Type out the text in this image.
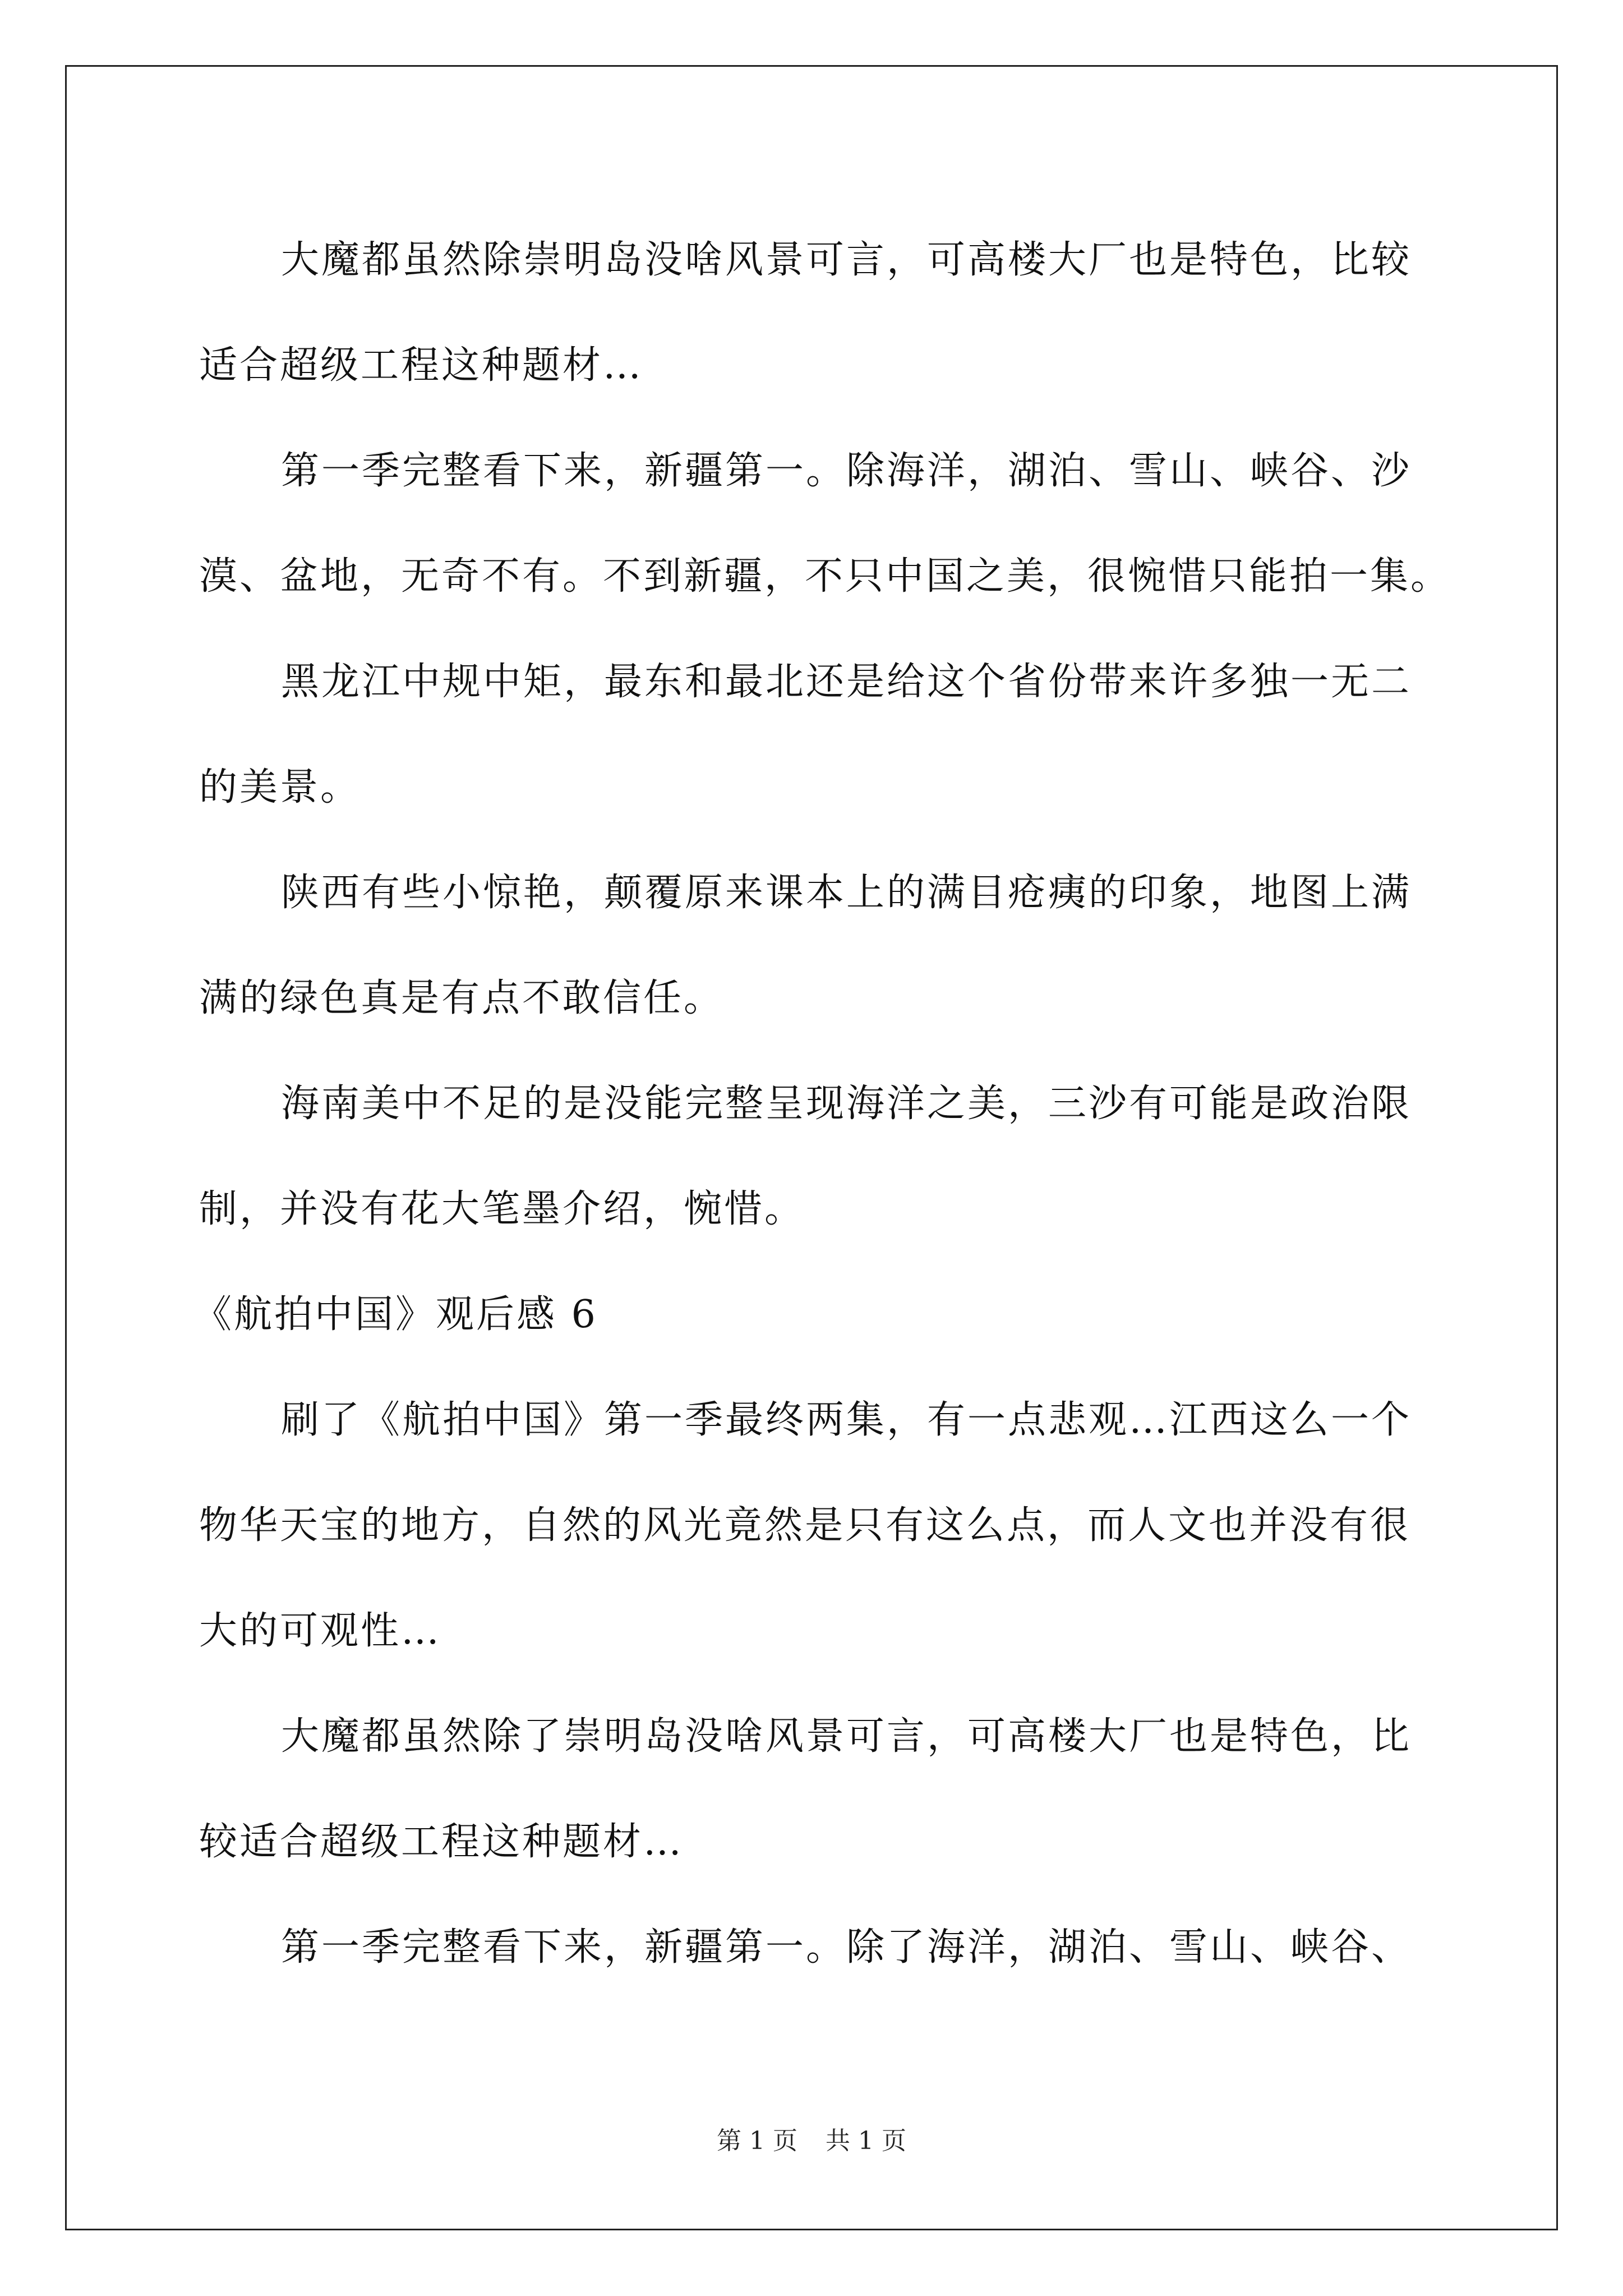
大魔都虽然除崇明岛没啥风景可言，可高楼大厂也是特色，比较
适合超级工程这种题材…
第一季完整看下来，新疆第一。除海洋，湖泊、雪山、峡谷、沙
漠、盆地，无奇不有。不到新疆，不只中国之美，很惋惜只能拍一集。
黑龙江中规中矩，最东和最北还是给这个省份带来许多独一无二
的美景。
陕西有些小惊艳，颠覆原来课本上的满目疮痍的印象，地图上满
满的绿色真是有点不敢信任。
海南美中不足的是没能完整呈现海洋之美，三沙有可能是政治限
制，并没有花大笔墨介绍，惋惜。
《航拍中国》观后感 6
刷了《航拍中国》第一季最终两集，有一点悲观…江西这么一个
物华天宝的地方，自然的风光竟然是只有这么点，而人文也并没有很
大的可观性…
大魔都虽然除了崇明岛没啥风景可言，可高楼大厂也是特色，比
较适合超级工程这种题材…
第一季完整看下来，新疆第一。除了海洋，湖泊、雪山、峡谷、
第 1 页 共 1 页
